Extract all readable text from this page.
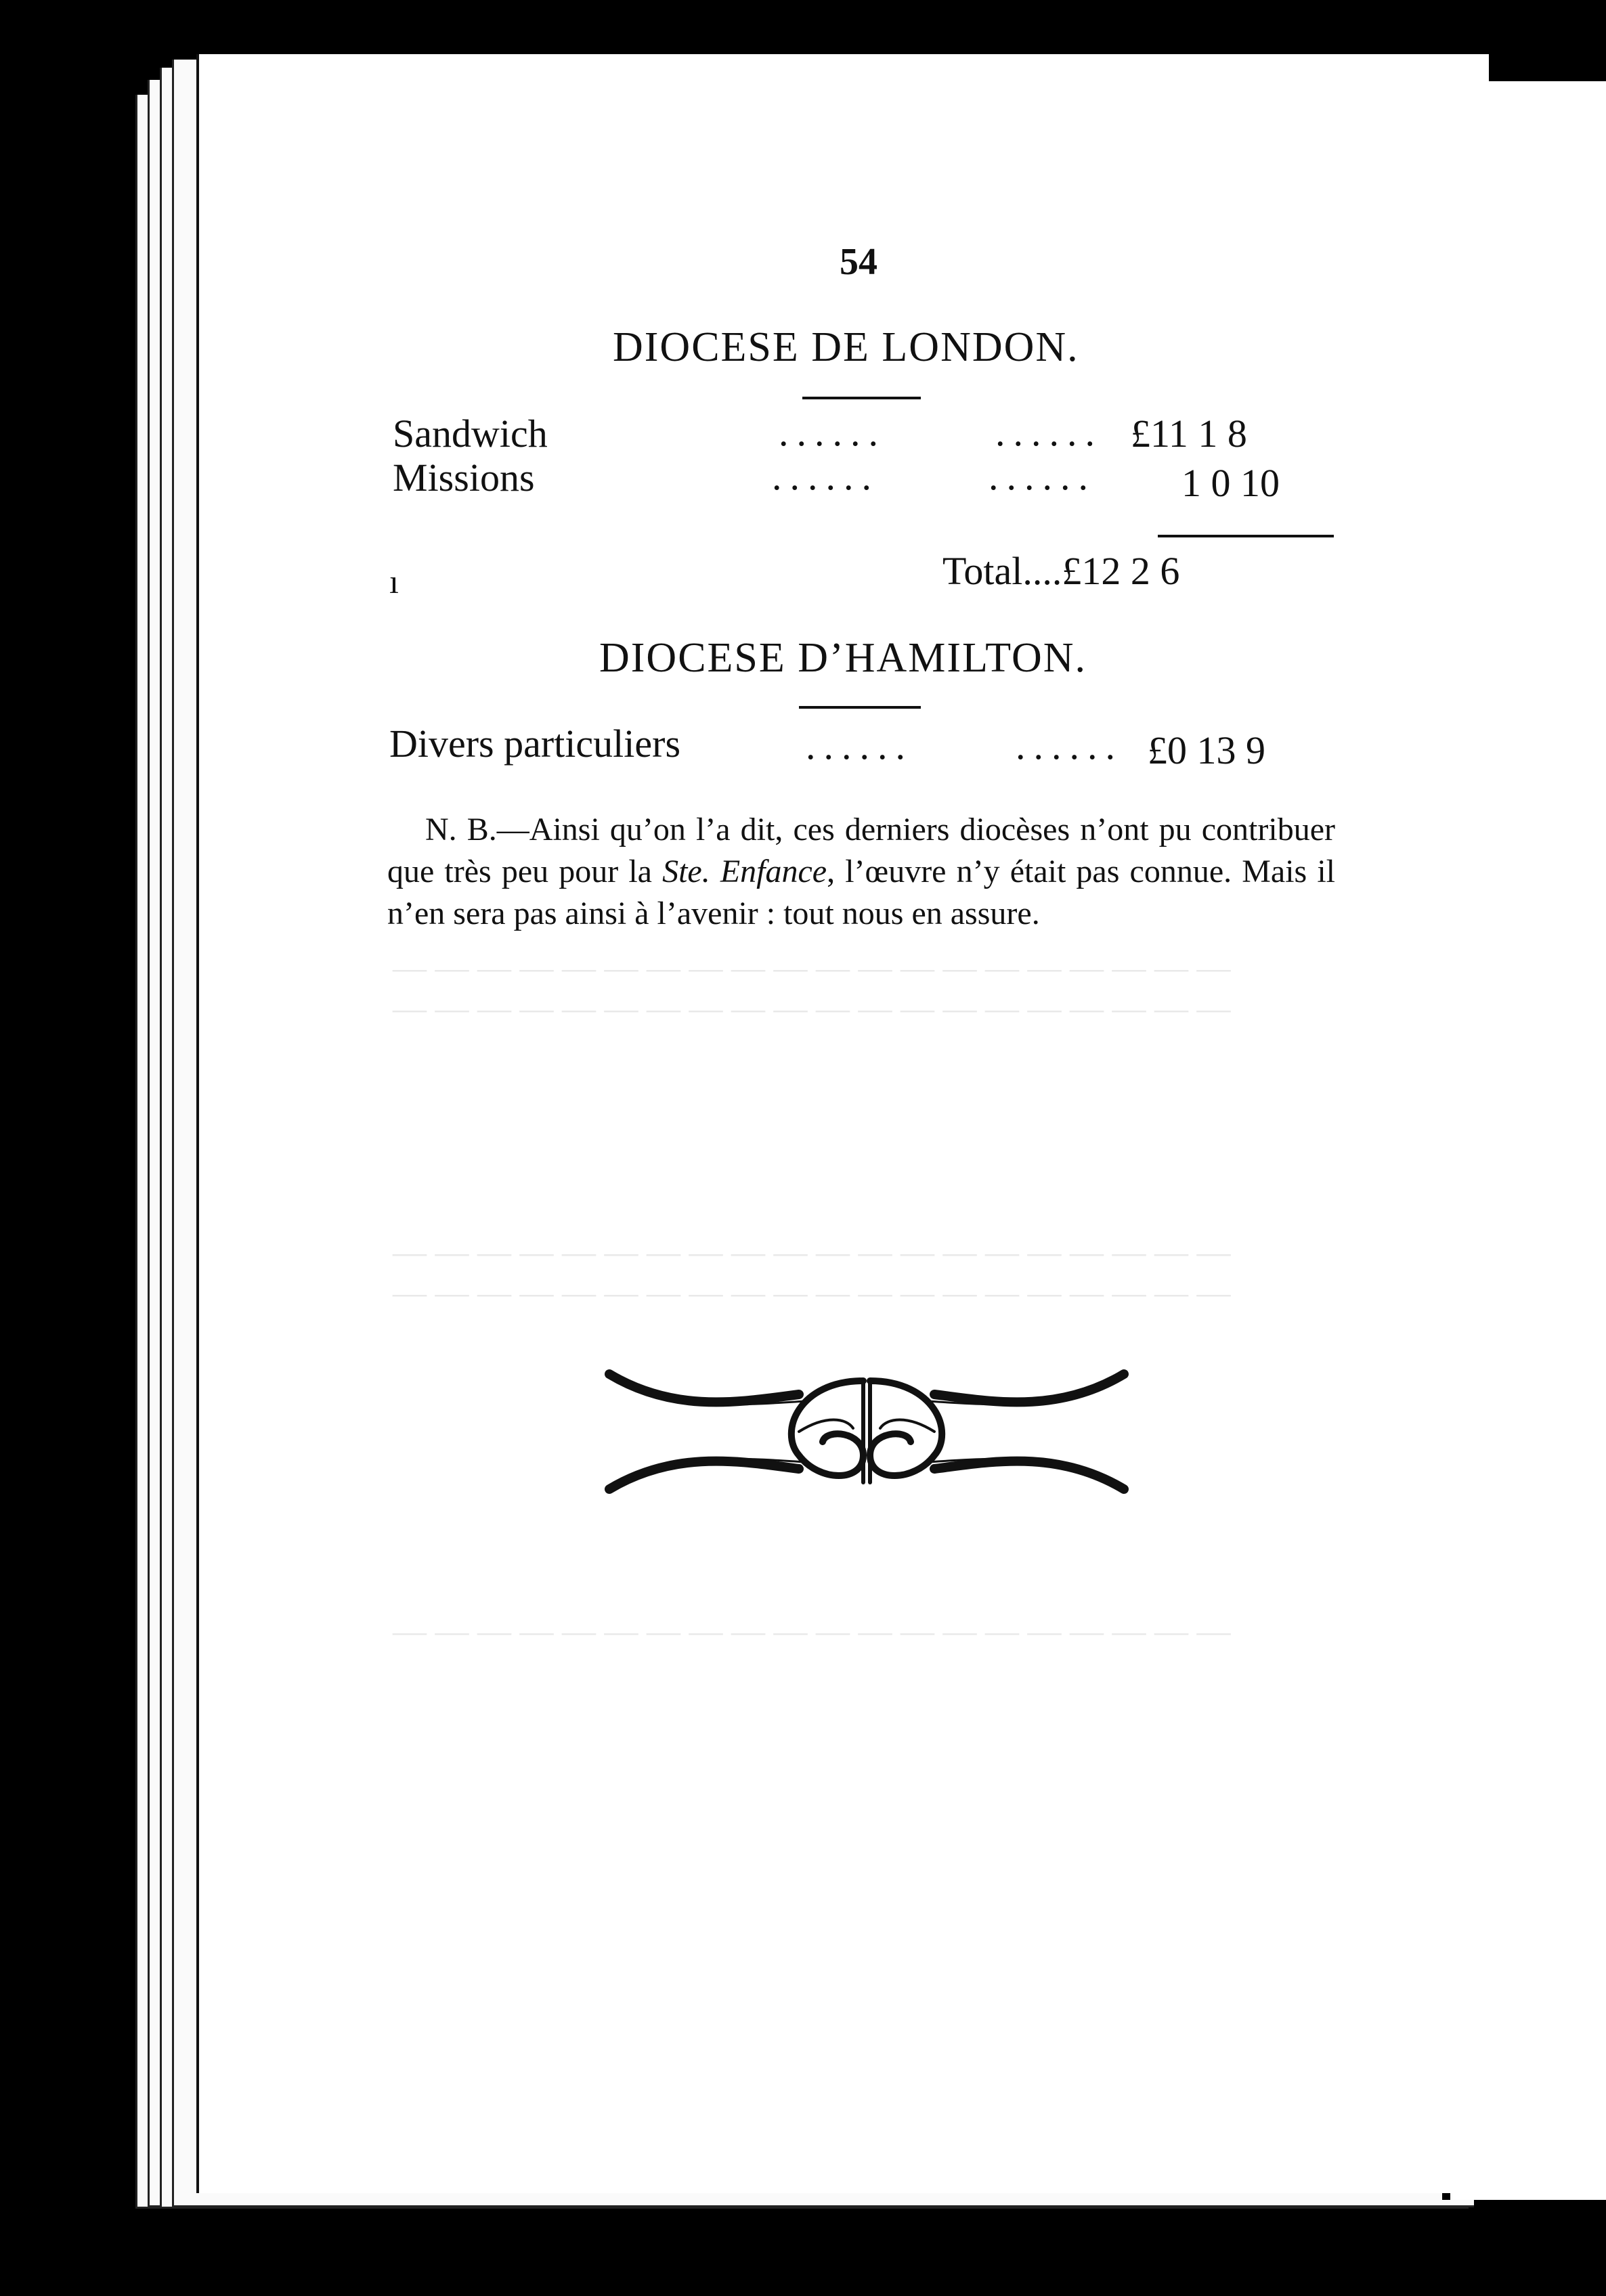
54
DIOCESE DE LONDON.
Sandwich	......	...... £11 1 8
Missions	......	...... 1 0 10
Total....£12 2 6
DIOCESE D’HAMILTON.
Divers particuliers	......	...... £0 13 9
N. B.—Ainsi qu’on l’a dit, ces derniers diocèses n’ont pu contribuer que très peu pour la Ste. Enfance, l’œuvre n’y était pas connue. Mais il n’en sera pas ainsi à l’avenir : tout nous en assure.
— — — — — — — — — — — — — — — — — — — —
— — — — — — — — — — — — — — — — — — — —
— — — — — — — — — — — — — — — — — — — —
— — — — — — — — — — — — — — — — — — — —
— — — — — — — — — — — — — — — — — — — —
ı
